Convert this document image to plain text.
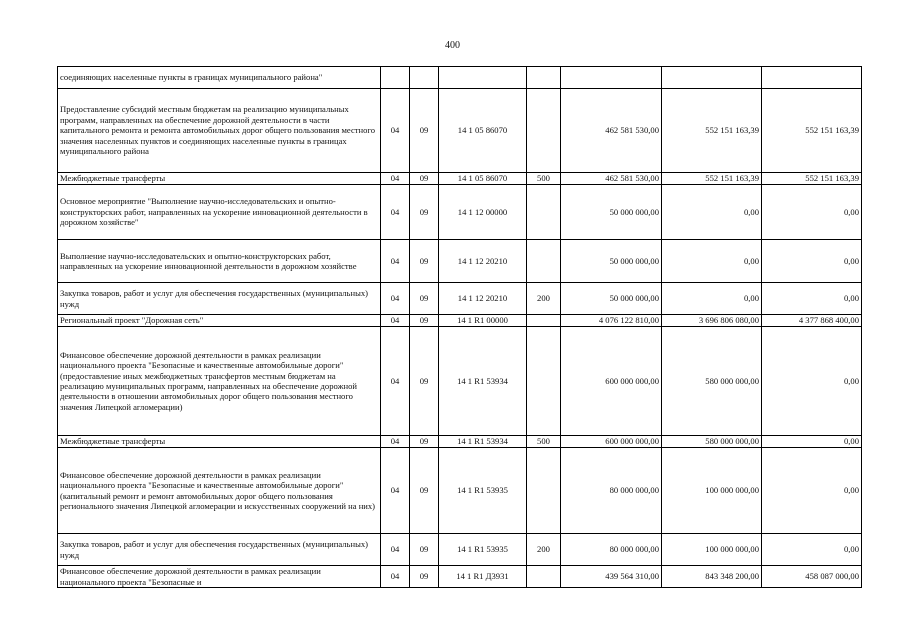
400
соединяющих населенные пункты в границах муниципального района"							
Предоставление субсидий местным бюджетам на реализацию муниципальных программ, направленных на обеспечение дорожной деятельности в части капитального ремонта и ремонта автомобильных дорог общего пользования местного значения населенных пунктов и соединяющих населенные пункты в границах муниципального района	04	09	14 1 05 86070		462 581 530,00	552 151 163,39	552 151 163,39
Межбюджетные трансферты	04	09	14 1 05 86070	500	462 581 530,00	552 151 163,39	552 151 163,39
Основное мероприятие "Выполнение научно-исследовательских и опытно-конструкторских работ, направленных на ускорение инновационной деятельности в дорожном хозяйстве"	04	09	14 1 12 00000		50 000 000,00	0,00	0,00
Выполнение научно-исследовательских и опытно-конструкторских работ, направленных на ускорение инновационной деятельности в дорожном хозяйстве	04	09	14 1 12 20210		50 000 000,00	0,00	0,00
Закупка товаров, работ и услуг для обеспечения государственных (муниципальных) нужд	04	09	14 1 12 20210	200	50 000 000,00	0,00	0,00
Региональный проект "Дорожная сеть"	04	09	14 1 R1 00000		4 076 122 810,00	3 696 806 080,00	4 377 868 400,00
Финансовое обеспечение дорожной деятельности в рамках реализации национального проекта "Безопасные и качественные автомобильные дороги" (предоставление иных межбюджетных трансфертов местным бюджетам на реализацию муниципальных программ, направленных на обеспечение дорожной деятельности в отношении автомобильных дорог общего пользования местного значения Липецкой агломерации)	04	09	14 1 R1 53934		600 000 000,00	580 000 000,00	0,00
Межбюджетные трансферты	04	09	14 1 R1 53934	500	600 000 000,00	580 000 000,00	0,00
Финансовое обеспечение дорожной деятельности в рамках реализации национального проекта "Безопасные и качественные автомобильные дороги" (капитальный ремонт и ремонт автомобильных дорог общего пользования регионального значения Липецкой агломерации и искусственных сооружений на них)	04	09	14 1 R1 53935		80 000 000,00	100 000 000,00	0,00
Закупка товаров, работ и услуг для обеспечения государственных (муниципальных) нужд	04	09	14 1 R1 53935	200	80 000 000,00	100 000 000,00	0,00
Финансовое обеспечение дорожной деятельности в рамках реализации национального проекта "Безопасные и	04	09	14 1 R1 Д3931		439 564 310,00	843 348 200,00	458 087 000,00
